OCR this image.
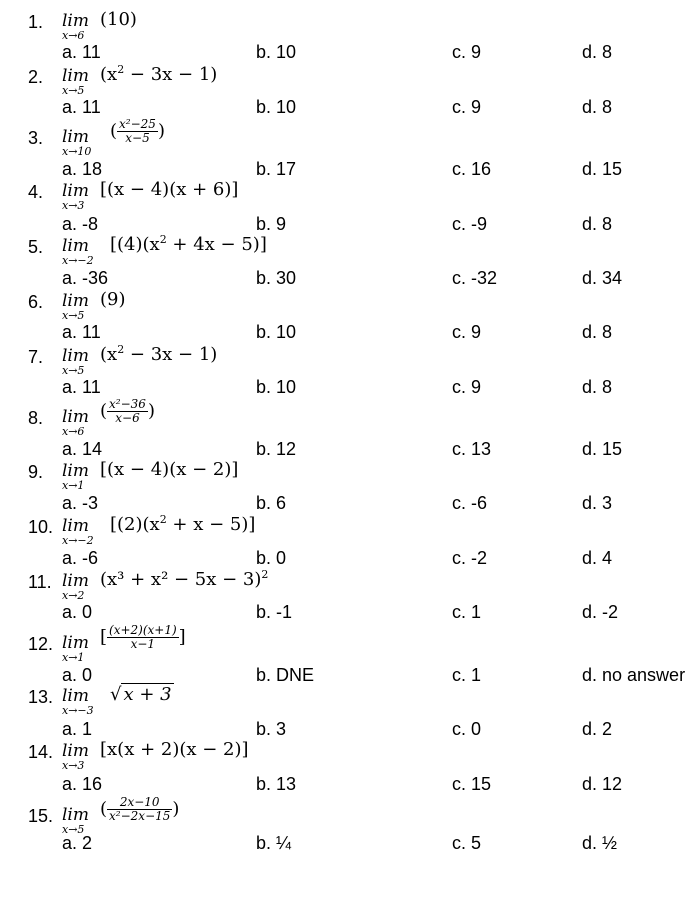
1. lim
x→6
(10)
a. 11	b. 10	c. 9	d. 8
2. lim
x→5
$(x^2 - 3x - 1)$
a. 11	b. 10	c. 9	d. 8
3. lim
x→10
( $\frac{\text{x²−25}}{x-5}$ )
a. 18	b. 17	c. 16	d. 15
4. lim
x→3
[(x − 4)(x + 6)]
a. -8	b. 9	c. -9	d. 8
5. lim
x→−2
$[(4)(x^2 + 4x - 5)]$
a. -36	b. 30	c. -32	d. 34
6. lim
x→5
(9)
a. 11	b. 10	c. 9	d. 8
7. lim
x→5
$(x^2 - 3x - 1)$
a. 11	b. 10	c. 9	d. 8
8. lim
x→6
( $\frac{\text{x²−36}}{x-6}$ )
a. 14	b. 12	c. 13	d. 15
9. lim
x→1
[(x − 4)(x − 2)]
a. -3	b. 6	c. -6	d. 3
10. lim
x→−2
$[(2)(x^2 + x - 5)]$
a. -6	b. 0	c. -2	d. 4
11. lim
x→2
$(x^3 + x^2 - 5x - 3)^2$
a. 0	b. -1	c. 1	d. -2
12. lim
x→1
[ $\frac{(x+2)(x+1)}{x-1}$ ]
a. 0	b. DNE	c. 1	d. no answer
13. lim
x→−3
√ x + 3
a. 1	b. 3	c. 0	d. 2
14. lim
x→3
[x(x + 2)(x − 2)]
a. 16	b. 13	c. 15	d. 12
15. lim
x→5
( $\frac{2x-10}{\text{x²−2x−15}}$ )
a. 2	b. ¼	c. 5	d. ½
